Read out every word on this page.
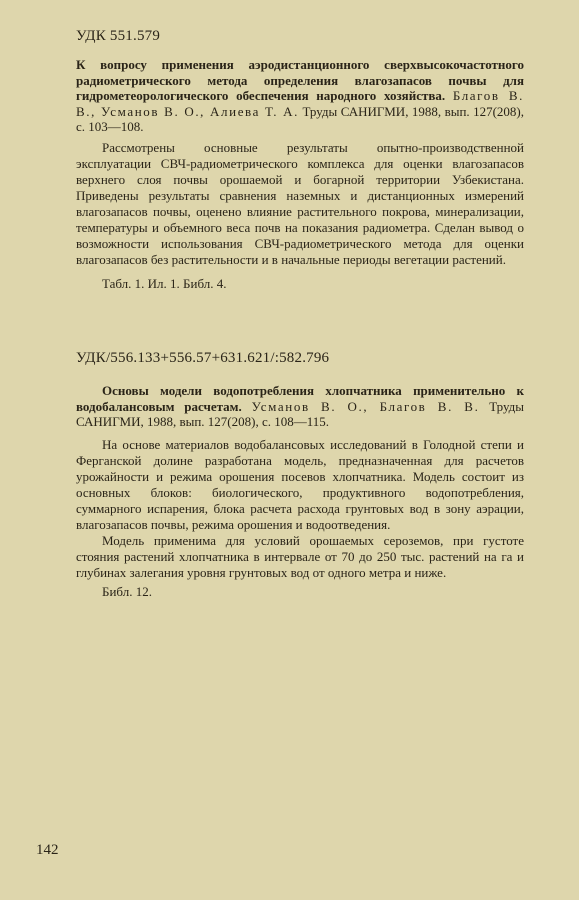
УДК 551.579

К вопросу применения аэродистанционного сверхвысокочастотного радиометрического метода определения влагозапасов почвы для гидрометеорологического обеспечения народного хозяйства. Благов В. В., Усманов В. О., Алиева Т. А. Труды САНИГМИ, 1988, вып. 127(208), с. 103—108.

Рассмотрены основные результаты опытно-производственной эксплуатации СВЧ-радиометрического комплекса для оценки влагозапасов верхнего слоя почвы орошаемой и богарной территории Узбекистана. Приведены результаты сравнения наземных и дистанционных измерений влагозапасов почвы, оценено влияние растительного покрова, минерализации, температуры и объемного веса почв на показания радиометра. Сделан вывод о возможности использования СВЧ-радиометрического метода для оценки влагозапасов без растительности и в начальные периоды вегетации растений.

Табл. 1. Ил. 1. Библ. 4.
УДК/556.133+556.57+631.621/:582.796

Основы модели водопотребления хлопчатника применительно к водобалансовым расчетам. Усманов В. О., Благов В. В. Труды САНИГМИ, 1988, вып. 127(208), с. 108—115.

На основе материалов водобалансовых исследований в Голодной степи и Ферганской долине разработана модель, предназначенная для расчетов урожайности и режима орошения посевов хлопчатника. Модель состоит из основных блоков: биологического, продуктивного водопотребления, суммарного испарения, блока расчета расхода грунтовых вод в зону аэрации, влагозапасов почвы, режима орошения и водоотведения.

Модель применима для условий орошаемых сероземов, при густоте стояния растений хлопчатника в интервале от 70 до 250 тыс. растений на га и глубинах залегания уровня грунтовых вод от одного метра и ниже.

Библ. 12.
142
